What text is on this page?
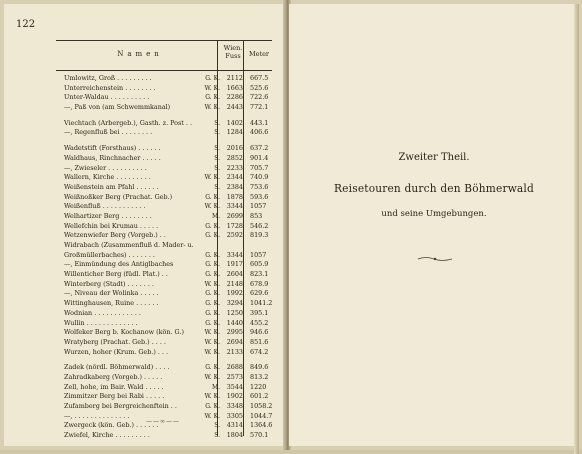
122
Namen
Wien. Fuss	Meter
Umlowitz, Groß . . . . . . . . .	G. K.	2112 667.5
Unterreichenstein . . . . . . . .	W. K.	1663 525.6
Unter-Waldau . . . . . . . . . .	G. K.	2286 722.6
—, Paß von (am Schwemmkanal)	W. K.	2443 772.1
Viechtach (Arbergeb.), Gasth. z. Post . .	S.	1402 443.1
—, Regenfluß bei . . . . . . . .	S.	1284 406.6
Wadetstift (Forsthaus) . . . . . .	S.	2016 637.2
Waldhaus, Rinchnacher . . . . .	S.	2852 901.4
—, Zwieseler . . . . . . . . . .	S.	2233 705.7
Wallern, Kirche . . . . . . . . .	W. K.	2344 740.9
Weißenstein am Pfahl . . . . . .	S.	2384 753.6
Weißnoßker Berg (Prachat. Geb.)	G. K.	1878 593.6
Weißenfluß . . . . . . . . . . .	W. K.	3344 1057
Welhartizer Berg . . . . . . . .	M.	2699 853
Wellefchin bei Krumau . . . . .	G. K.	1728 546.2
Wetzenwiefer Berg (Vorgeb.) . .	G. K.	2592 819.3
Widrabach (Zusammenfluß d. Mader- u.
Großmüllerbaches) . . . . . . .	G. K.	3344 1057
—, Einmündung des Antiglbaches	G. K.	1917 605.9
Willenticher Berg (füdl. Plat.) . .	G. K.	2604 823.1
Winterberg (Stadt) . . . . . . .	W. K.	2148 678.9
—, Niveau der Wolinka . . . . .	G. K.	1992 629.6
Wittinghausen, Ruine . . . . . .	G. K.	3294 1041.2
Wodnian . . . . . . . . . . . .	G. K.	1250 395.1
Wullin . . . . . . . . . . . . .	G. K.	1440 455.2
Wolfeker Berg b. Kochanow (kön. G.)	W. K.	2995 946.6
Wratyberg (Prachat. Geb.) . . . .	W. K.	2694 851.6
Wurzen, hoher (Krum. Geb.) . . .	W. K.	2133 674.2
Zadek (nördl. Böhmerwald) . . . .	G. K.	2688 849.6
Zahradkaberg (Vorgeb.) . . . . .	W. K.	2573 813.2
Zell, hohe, im Bair. Wald . . . . .	M.	3544 1220
Zimmitzer Berg bei Rabi . . . . .	W. K.	1902 601.2
Zufamberg bei Bergreichenftein . .	G. K.	3348 1058.2
—, . . . . . . . . . . . . . .	W. K.	3305 1044.7
Zwergeck (kön. Geb.) . . . . . .	S.	4314 1364.6
Zwiefel, Kirche . . . . . . . . .	S.	1804 570.1
——∞——
Zweiter Theil.
Reisetouren durch den Böhmerwald
und seine Umgebungen.
